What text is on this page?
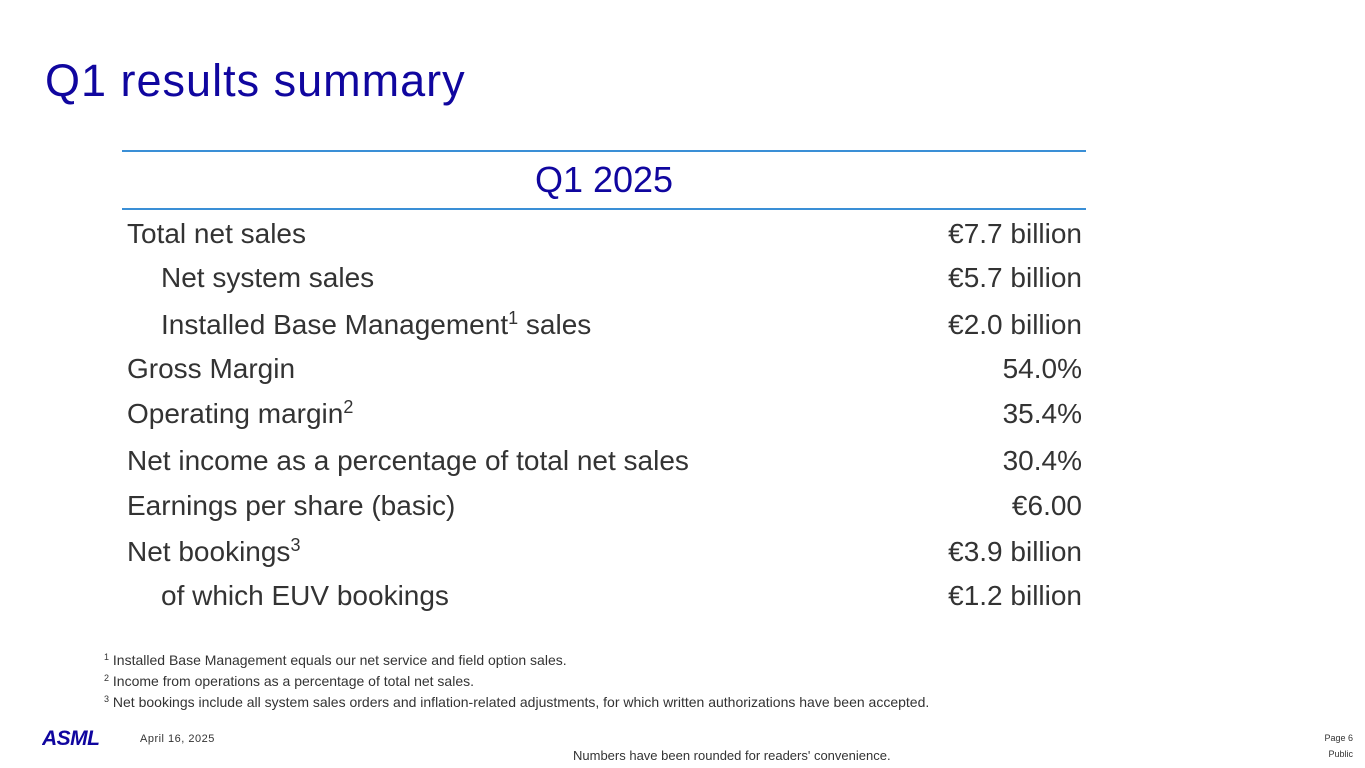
Q1 results summary
Q1 2025
Total net sales	€7.7 billion
Net system sales	€5.7 billion
Installed Base Management$^1$ sales	€2.0 billion
Gross Margin	54.0%
Operating margin$^2$	35.4%
Net income as a percentage of total net sales	30.4%
Earnings per share (basic)	€6.00
Net bookings$^3$	€3.9 billion
of which EUV bookings	€1.2 billion
$^1$ Installed Base Management equals our net service and field option sales.
$^2$ Income from operations as a percentage of total net sales.
$^3$ Net bookings include all system sales orders and inflation-related adjustments, for which written authorizations have been accepted.
ASML	April 16, 2025
Numbers have been rounded for readers' convenience.
Page 6
Public
